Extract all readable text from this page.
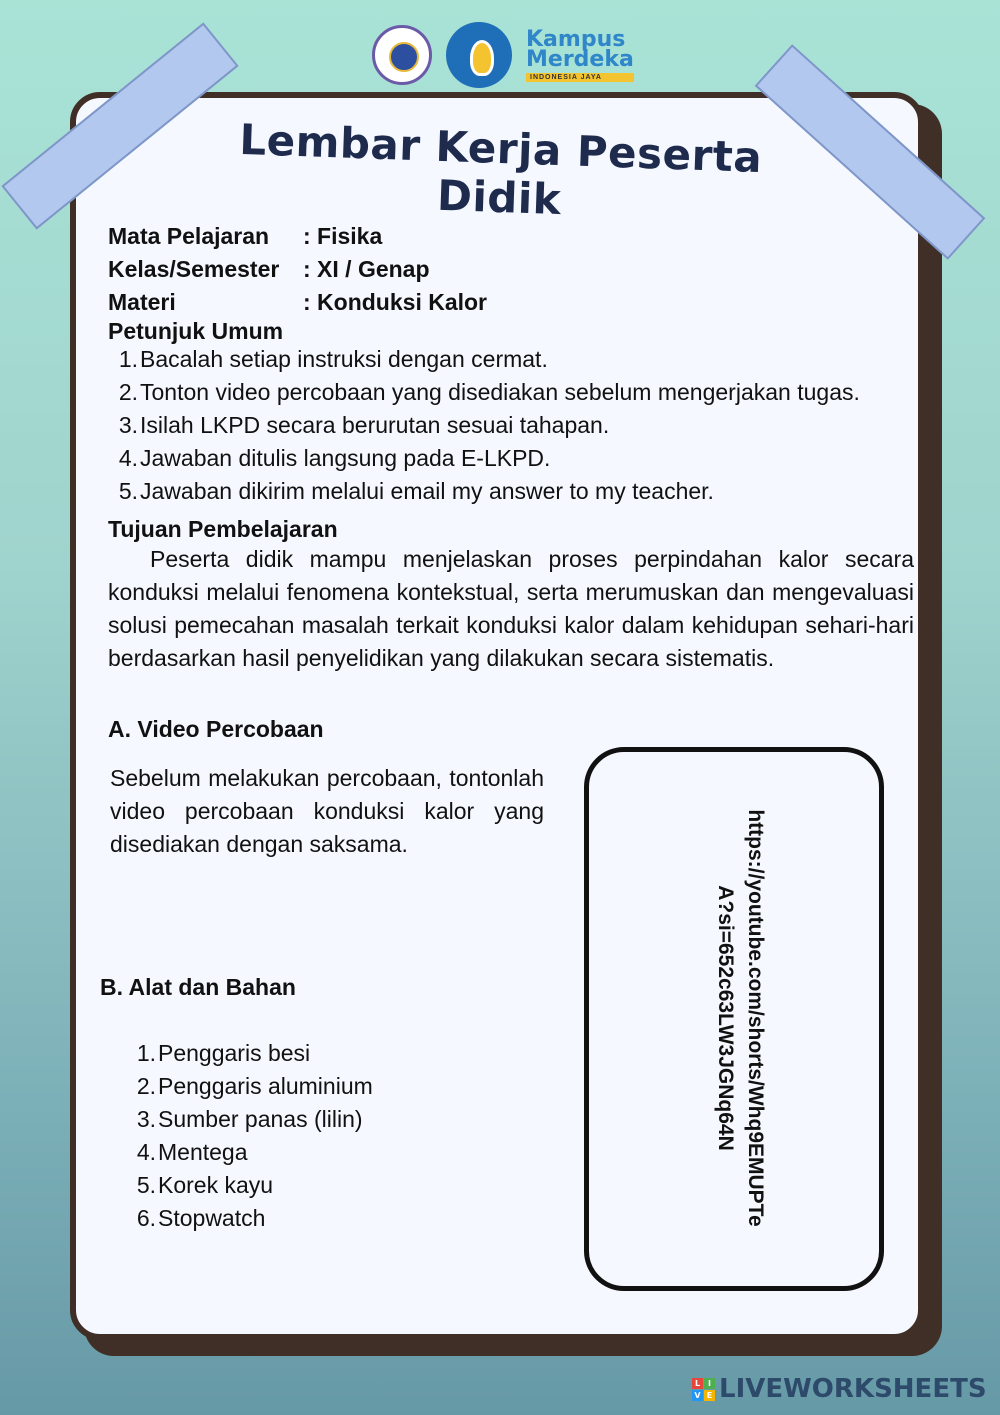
Kampus
Merdeka
INDONESIA JAYA
Lembar Kerja Peserta Didik
Mata Pelajaran	: Fisika
Kelas/Semester	: XI / Genap
Materi	: Konduksi Kalor
Petunjuk Umum
1. Bacalah setiap instruksi dengan cermat.
2. Tonton video percobaan yang disediakan sebelum mengerjakan tugas.
3. Isilah LKPD secara berurutan sesuai tahapan.
4. Jawaban ditulis langsung pada E-LKPD.
5. Jawaban dikirim melalui email my answer to my teacher.
Tujuan Pembelajaran

Peserta didik mampu menjelaskan proses perpindahan kalor secara konduksi melalui fenomena kontekstual, serta merumuskan dan mengevaluasi solusi pemecahan masalah terkait konduksi kalor dalam kehidupan sehari-hari berdasarkan hasil penyelidikan yang dilakukan secara sistematis.

A. Video Percobaan

Sebelum melakukan percobaan, tontonlah video percobaan konduksi kalor yang disediakan dengan saksama.	https://youtube.com/shorts/Whq9EMUPTeA?si=652c63LW3JGNq64N
B. Alat dan Bahan
1. Penggaris besi
2. Penggaris aluminium
3. Sumber panas (lilin)
4. Mentega
5. Korek kayu
6. Stopwatch
L I
V E LIVEWORKSHEETS
